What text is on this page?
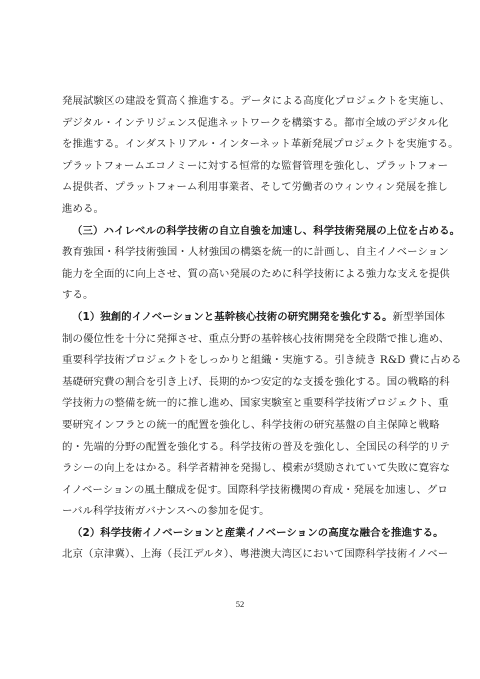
発展試験区の建設を質高く推進する。データによる高度化プロジェクトを実施し、
デジタル・インテリジェンス促進ネットワークを構築する。都市全域のデジタル化
を推進する。インダストリアル・インターネット革新発展プロジェクトを実施する。
プラットフォームエコノミーに対する恒常的な監督管理を強化し、プラットフォー
ム提供者、プラットフォーム利用事業者、そして労働者のウィンウィン発展を推し
進める。
（三）ハイレベルの科学技術の自立自強を加速し、科学技術発展の上位を占める。
教育強国・科学技術強国・人材強国の構築を統一的に計画し、自主イノベーション
能力を全面的に向上させ、質の高い発展のために科学技術による強力な支えを提供
する。
（1）独創的イノベーションと基幹核心技術の研究開発を強化する。新型挙国体
制の優位性を十分に発揮させ、重点分野の基幹核心技術開発を全段階で推し進め、
重要科学技術プロジェクトをしっかりと組織・実施する。引き続き R&D 費に占める
基礎研究費の割合を引き上げ、長期的かつ安定的な支援を強化する。国の戦略的科
学技術力の整備を統一的に推し進め、国家実験室と重要科学技術プロジェクト、重
要研究インフラとの統一的配置を強化し、科学技術の研究基盤の自主保障と戦略
的・先端的分野の配置を強化する。科学技術の普及を強化し、全国民の科学的リテ
ラシーの向上をはかる。科学者精神を発揚し、模索が奨励されていて失敗に寛容な
イノベーションの風土醸成を促す。国際科学技術機関の育成・発展を加速し、グロ
ーバル科学技術ガバナンスへの参加を促す。
（2）科学技術イノベーションと産業イノベーションの高度な融合を推進する。
北京（京津冀）、上海（長江デルタ）、粤港澳大湾区において国際科学技術イノベー
52
